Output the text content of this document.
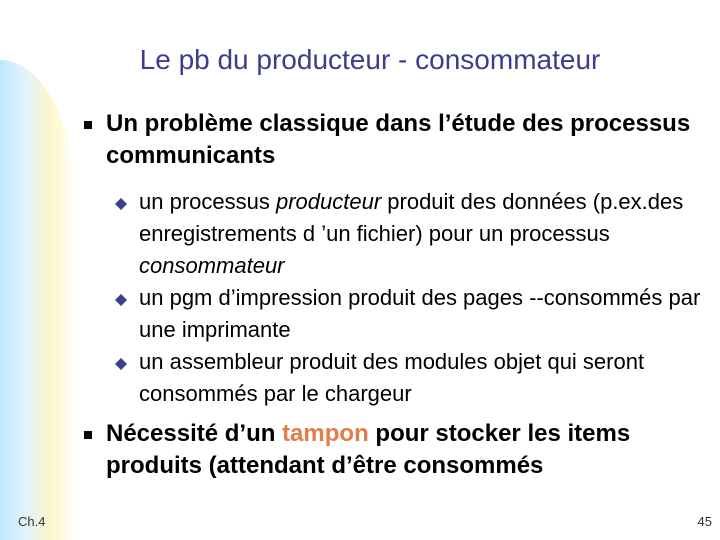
Le pb du producteur - consommateur
Un problème classique dans l’étude des processus communicants
un processus producteur produit des données (p.ex.des enregistrements d ’un fichier) pour un processus consommateur
un pgm d’impression produit des pages --consommés par une imprimante
un assembleur produit des modules objet qui seront consommés par le chargeur
Nécessité d’un tampon pour stocker les items produits (attendant d’être consommés
Ch.4	45
